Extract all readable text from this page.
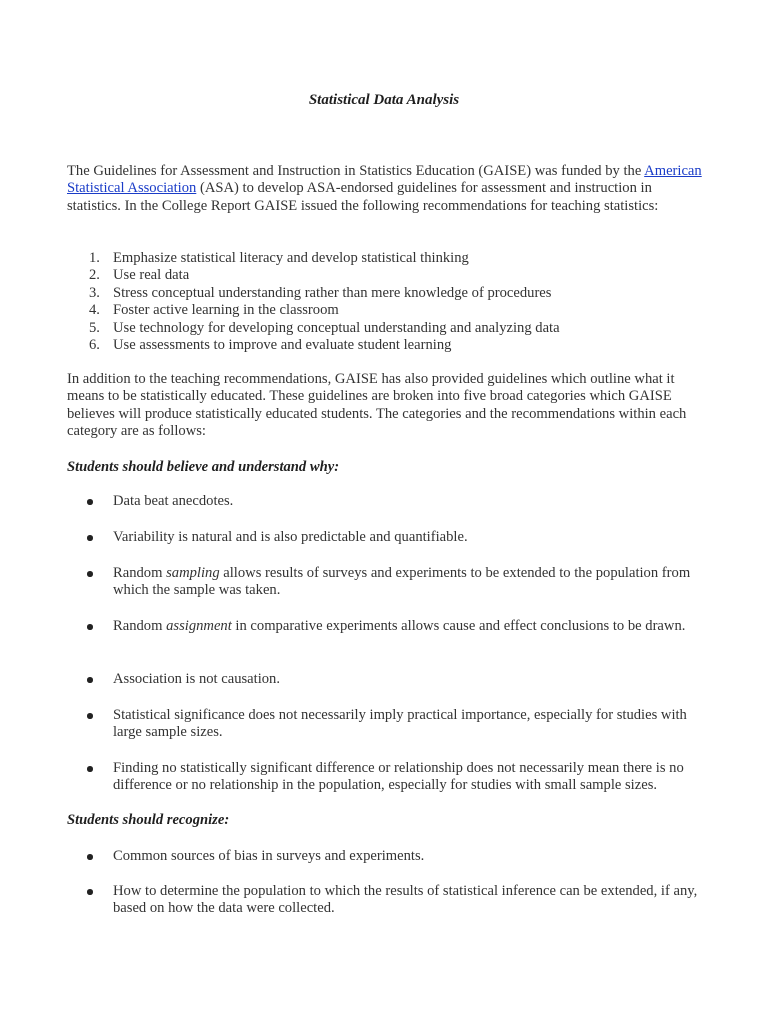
Statistical Data Analysis

The Guidelines for Assessment and Instruction in Statistics Education (GAISE) was funded by the American Statistical Association (ASA) to develop ASA-endorsed guidelines for assessment and instruction in statistics. In the College Report GAISE issued the following recommendations for teaching statistics:

1. Emphasize statistical literacy and develop statistical thinking
2. Use real data
3. Stress conceptual understanding rather than mere knowledge of procedures
4. Foster active learning in the classroom
5. Use technology for developing conceptual understanding and analyzing data
6. Use assessments to improve and evaluate student learning

In addition to the teaching recommendations, GAISE has also provided guidelines which outline what it means to be statistically educated. These guidelines are broken into five broad categories which GAISE believes will produce statistically educated students. The categories and the recommendations within each category are as follows:

Students should believe and understand why:
Data beat anecdotes.
Variability is natural and is also predictable and quantifiable.
Random sampling allows results of surveys and experiments to be extended to the population from which the sample was taken.
Random assignment in comparative experiments allows cause and effect conclusions to be drawn.
Association is not causation.
Statistical significance does not necessarily imply practical importance, especially for studies with large sample sizes.
Finding no statistically significant difference or relationship does not necessarily mean there is no difference or no relationship in the population, especially for studies with small sample sizes.
Students should recognize:
Common sources of bias in surveys and experiments.
How to determine the population to which the results of statistical inference can be extended, if any, based on how the data were collected.
